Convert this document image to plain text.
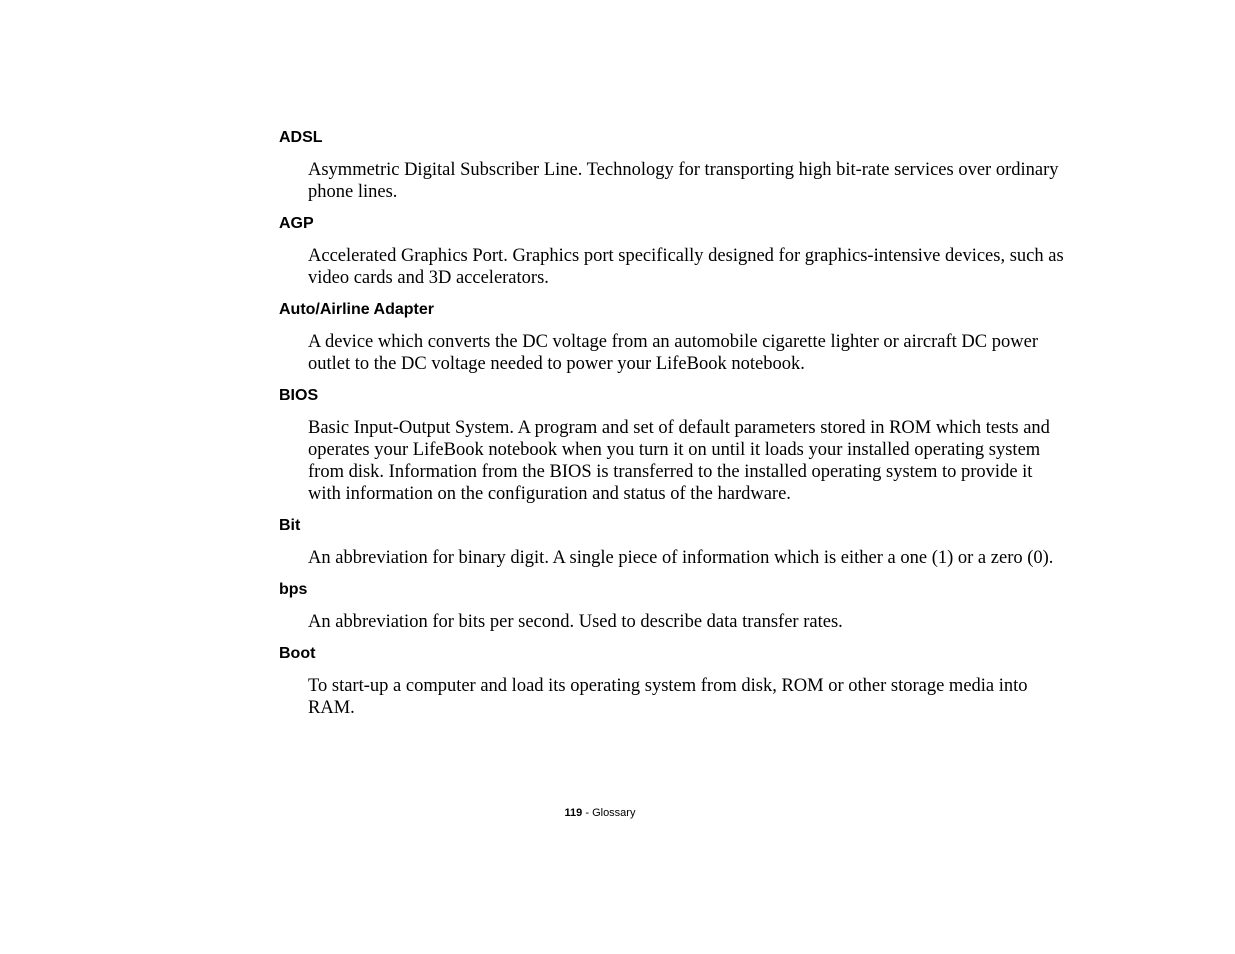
ADSL
Asymmetric Digital Subscriber Line. Technology for transporting high bit-rate services over ordinary phone lines.
AGP
Accelerated Graphics Port. Graphics port specifically designed for graphics-intensive devices, such as video cards and 3D accelerators.
Auto/Airline Adapter
A device which converts the DC voltage from an automobile cigarette lighter or aircraft DC power outlet to the DC voltage needed to power your LifeBook notebook.
BIOS
Basic Input-Output System. A program and set of default parameters stored in ROM which tests and operates your LifeBook notebook when you turn it on until it loads your installed operating system from disk. Information from the BIOS is transferred to the installed operating system to provide it with information on the configuration and status of the hardware.
Bit
An abbreviation for binary digit. A single piece of information which is either a one (1) or a zero (0).
bps
An abbreviation for bits per second. Used to describe data transfer rates.
Boot
To start-up a computer and load its operating system from disk, ROM or other storage media into RAM.
119 - Glossary
